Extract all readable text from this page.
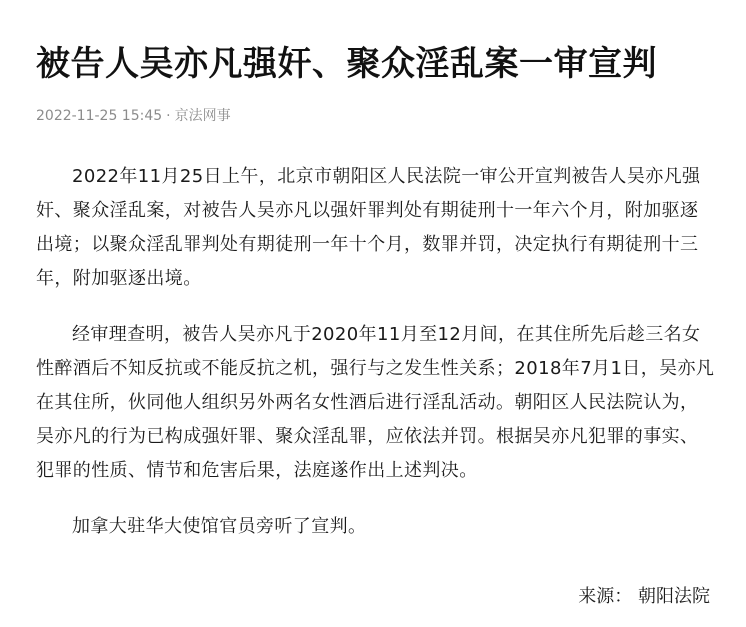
被告人吴亦凡强奸、聚众淫乱案一审宣判
2022-11-25 15:45 · 京法网事

2022年11月25日上午，北京市朝阳区人民法院一审公开宣判被告人吴亦凡强奸、聚众淫乱案，对被告人吴亦凡以强奸罪判处有期徒刑十一年六个月，附加驱逐出境；以聚众淫乱罪判处有期徒刑一年十个月，数罪并罚，决定执行有期徒刑十三年，附加驱逐出境。

经审理查明，被告人吴亦凡于2020年11月至12月间，在其住所先后趁三名女性醉酒后不知反抗或不能反抗之机，强行与之发生性关系；2018年7月1日，吴亦凡在其住所，伙同他人组织另外两名女性酒后进行淫乱活动。朝阳区人民法院认为，吴亦凡的行为已构成强奸罪、聚众淫乱罪，应依法并罚。根据吴亦凡犯罪的事实、犯罪的性质、情节和危害后果，法庭遂作出上述判决。

加拿大驻华大使馆官员旁听了宣判。

来源： 朝阳法院
